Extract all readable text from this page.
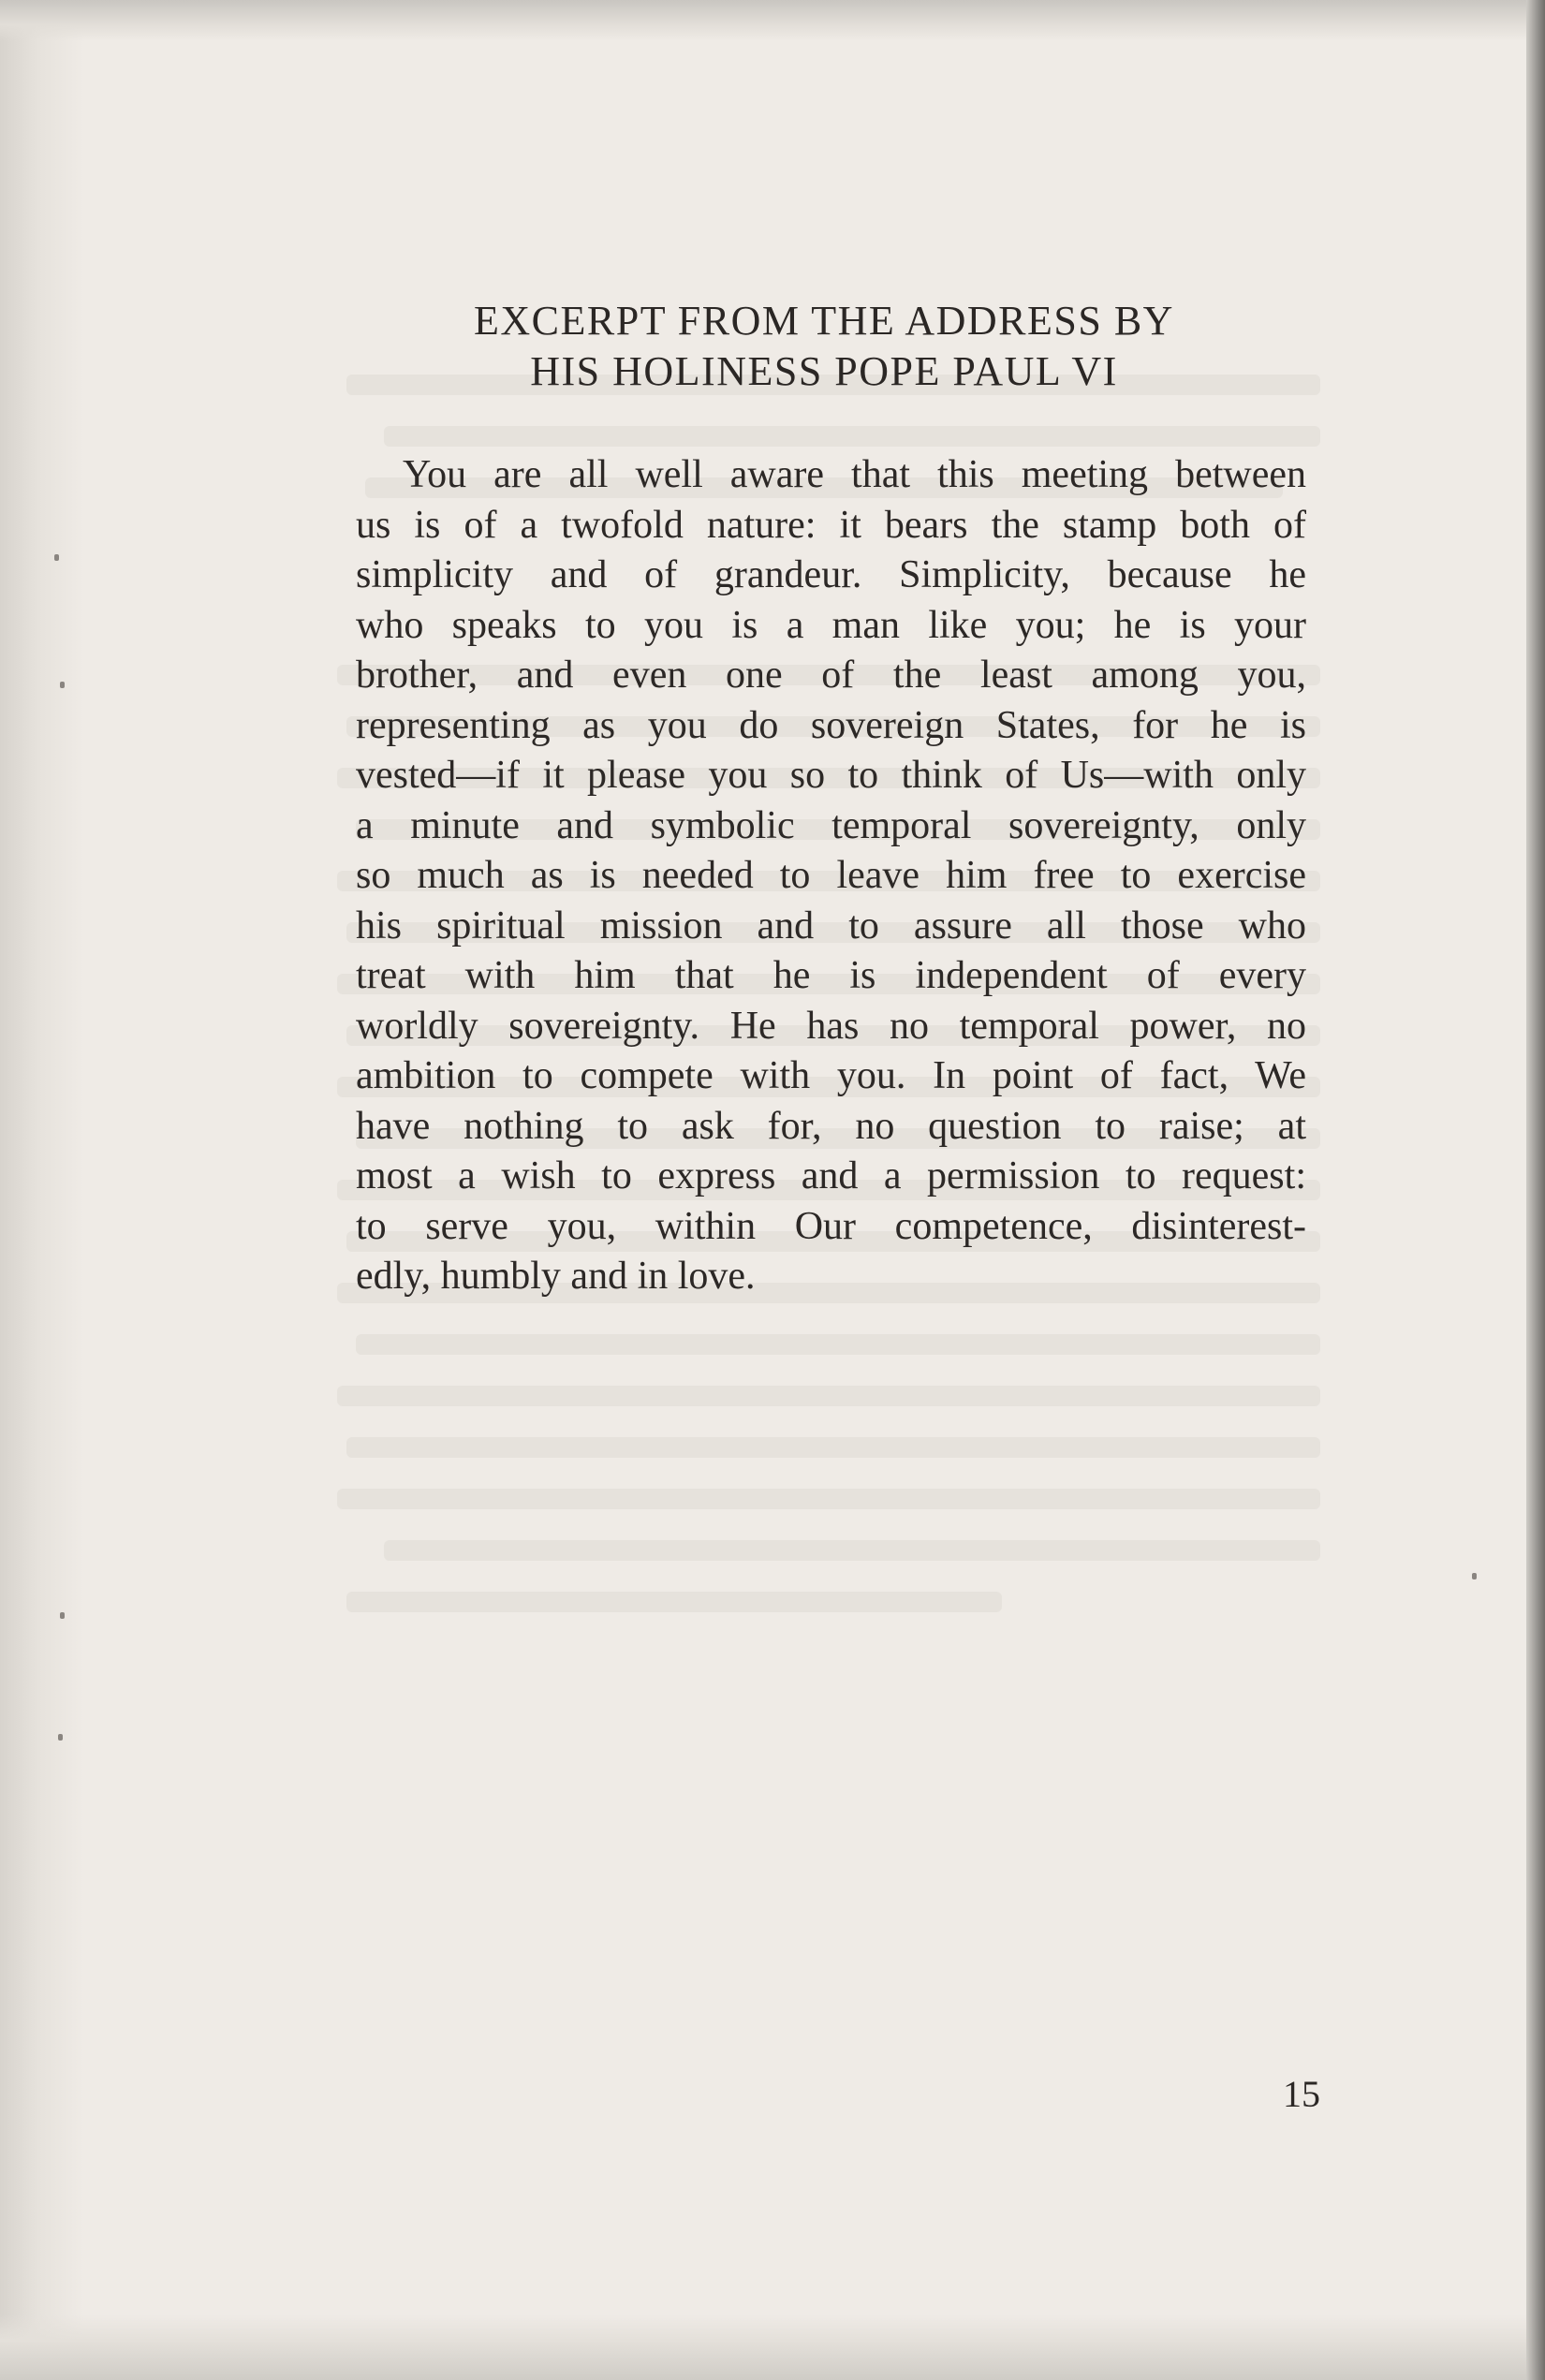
EXCERPT FROM THE ADDRESS BY
HIS HOLINESS POPE PAUL VI
You are all well aware that this meeting between
us is of a twofold nature: it bears the stamp both of
simplicity and of grandeur. Simplicity, because he
who speaks to you is a man like you; he is your
brother, and even one of the least among you,
representing as you do sovereign States, for he is
vested—if it please you so to think of Us—with only
a minute and symbolic temporal sovereignty, only
so much as is needed to leave him free to exercise
his spiritual mission and to assure all those who
treat with him that he is independent of every
worldly sovereignty. He has no temporal power, no
ambition to compete with you. In point of fact, We
have nothing to ask for, no question to raise; at
most a wish to express and a permission to request:
to serve you, within Our competence, disinterest-
edly, humbly and in love.
15
